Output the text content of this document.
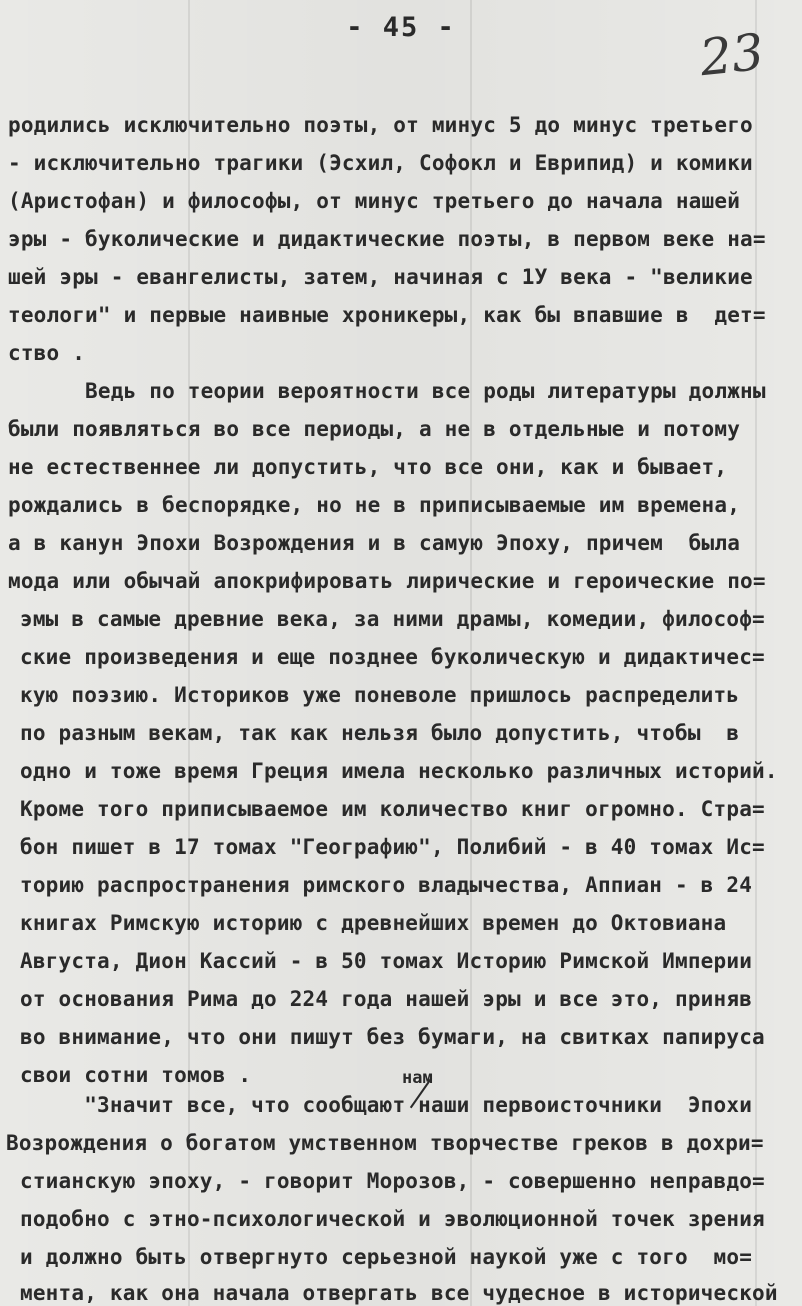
- 45 -	23
родились исключительно поэты, от минус 5 до минус третьего
- исключительно трагики (Эсхил, Софокл и Еврипид) и комики
(Аристофан) и философы, от минус третьего до начала нашей
эры - буколические и дидактические поэты, в первом веке на=
шей эры - евангелисты, затем, начиная с 1У века - "великие
теологи" и первые наивные хроникеры, как бы впавшие в  дет=
ство .
Ведь по теории вероятности все роды литературы должны
были появляться во все периоды, а не в отдельные и потому
не естественнее ли допустить, что все они, как и бывает,
рождались в беспорядке, но не в приписываемые им времена,
а в канун Эпохи Возрождения и в самую Эпоху, причем  была
мода или обычай апокрифировать лирические и героические по=
эмы в самые древние века, за ними драмы, комедии, философ=
ские произведения и еще позднее буколическую и дидактичес=
кую поэзию. Историков уже поневоле пришлось распределить
по разным векам, так как нельзя было допустить, чтобы  в
одно и тоже время Греция имела несколько различных историй.
Кроме того приписываемое им количество книг огромно. Стра=
бон пишет в 17 томах "Географию", Полибий - в 40 томах Ис=
торию распространения римского владычества, Аппиан - в 24
книгах Римскую историю с древнейших времен до Октовиана
Августа, Дион Кассий - в 50 томах Историю Римской Империи
от основания Рима до 224 года нашей эры и все это, приняв
во внимание, что они пишут без бумаги, на свитках папируса
свои сотни томов .
"Значит все, что сообщают наши первоисточники  Эпохи
Возрождения о богатом умственном творчестве греков в дохри=
стианскую эпоху, - говорит Морозов, - совершенно неправдо=
подобно с этно-психологической и эволюционной точек зрения
и должно быть отвергнуто серьезной наукой уже с того  мо=
мента, как она начала отвергать все чудесное в исторической
нам
